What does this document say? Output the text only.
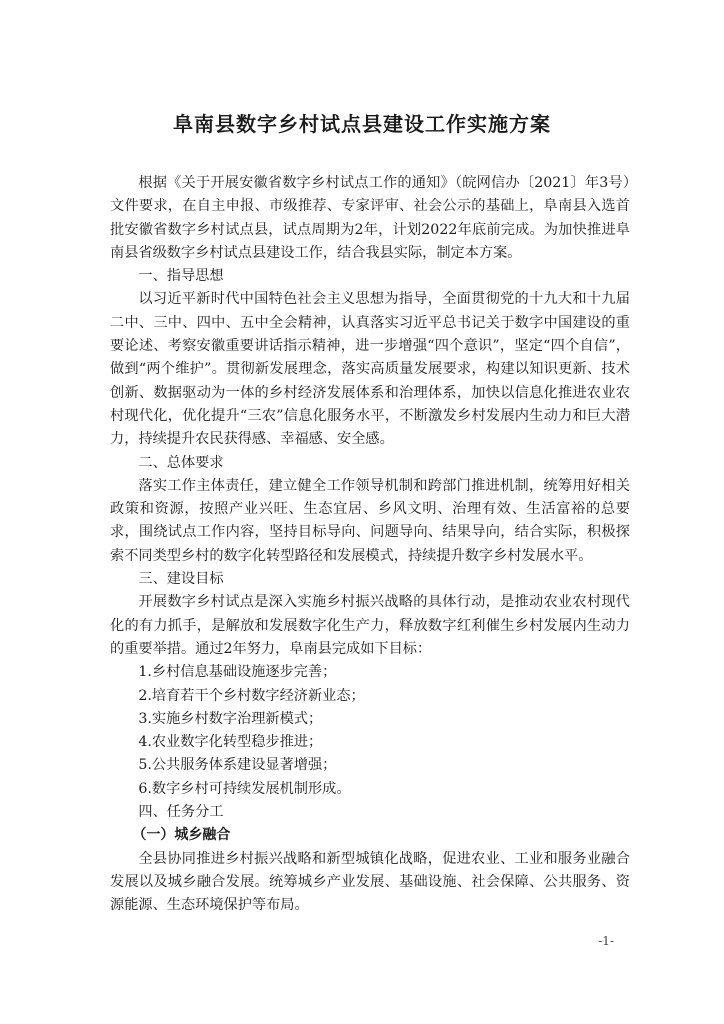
阜南县数字乡村试点县建设工作实施方案

根据《关于开展安徽省数字乡村试点工作的通知》（皖网信办〔2021〕年3号）文件要求，在自主申报、市级推荐、专家评审、社会公示的基础上，阜南县入选首批安徽省数字乡村试点县，试点周期为2年，计划2022年底前完成。为加快推进阜南县省级数字乡村试点县建设工作，结合我县实际，制定本方案。

一、指导思想

以习近平新时代中国特色社会主义思想为指导，全面贯彻党的十九大和十九届二中、三中、四中、五中全会精神，认真落实习近平总书记关于数字中国建设的重要论述、考察安徽重要讲话指示精神，进一步增强“四个意识”，坚定“四个自信”，做到“两个维护”。贯彻新发展理念，落实高质量发展要求，构建以知识更新、技术创新、数据驱动为一体的乡村经济发展体系和治理体系，加快以信息化推进农业农村现代化，优化提升“三农”信息化服务水平，不断激发乡村发展内生动力和巨大潜力，持续提升农民获得感、幸福感、安全感。

二、总体要求

落实工作主体责任，建立健全工作领导机制和跨部门推进机制，统筹用好相关政策和资源，按照产业兴旺、生态宜居、乡风文明、治理有效、生活富裕的总要求，围绕试点工作内容，坚持目标导向、问题导向、结果导向，结合实际，积极探索不同类型乡村的数字化转型路径和发展模式，持续提升数字乡村发展水平。

三、建设目标

开展数字乡村试点是深入实施乡村振兴战略的具体行动，是推动农业农村现代化的有力抓手，是解放和发展数字化生产力，释放数字红利催生乡村发展内生动力的重要举措。通过2年努力，阜南县完成如下目标：

1.乡村信息基础设施逐步完善；

2.培育若干个乡村数字经济新业态；

3.实施乡村数字治理新模式；

4.农业数字化转型稳步推进；

5.公共服务体系建设显著增强；

6.数字乡村可持续发展机制形成。

四、任务分工

（一）城乡融合

全县协同推进乡村振兴战略和新型城镇化战略，促进农业、工业和服务业融合发展以及城乡融合发展。统筹城乡产业发展、基础设施、社会保障、公共服务、资源能源、生态环境保护等布局。

-1-
